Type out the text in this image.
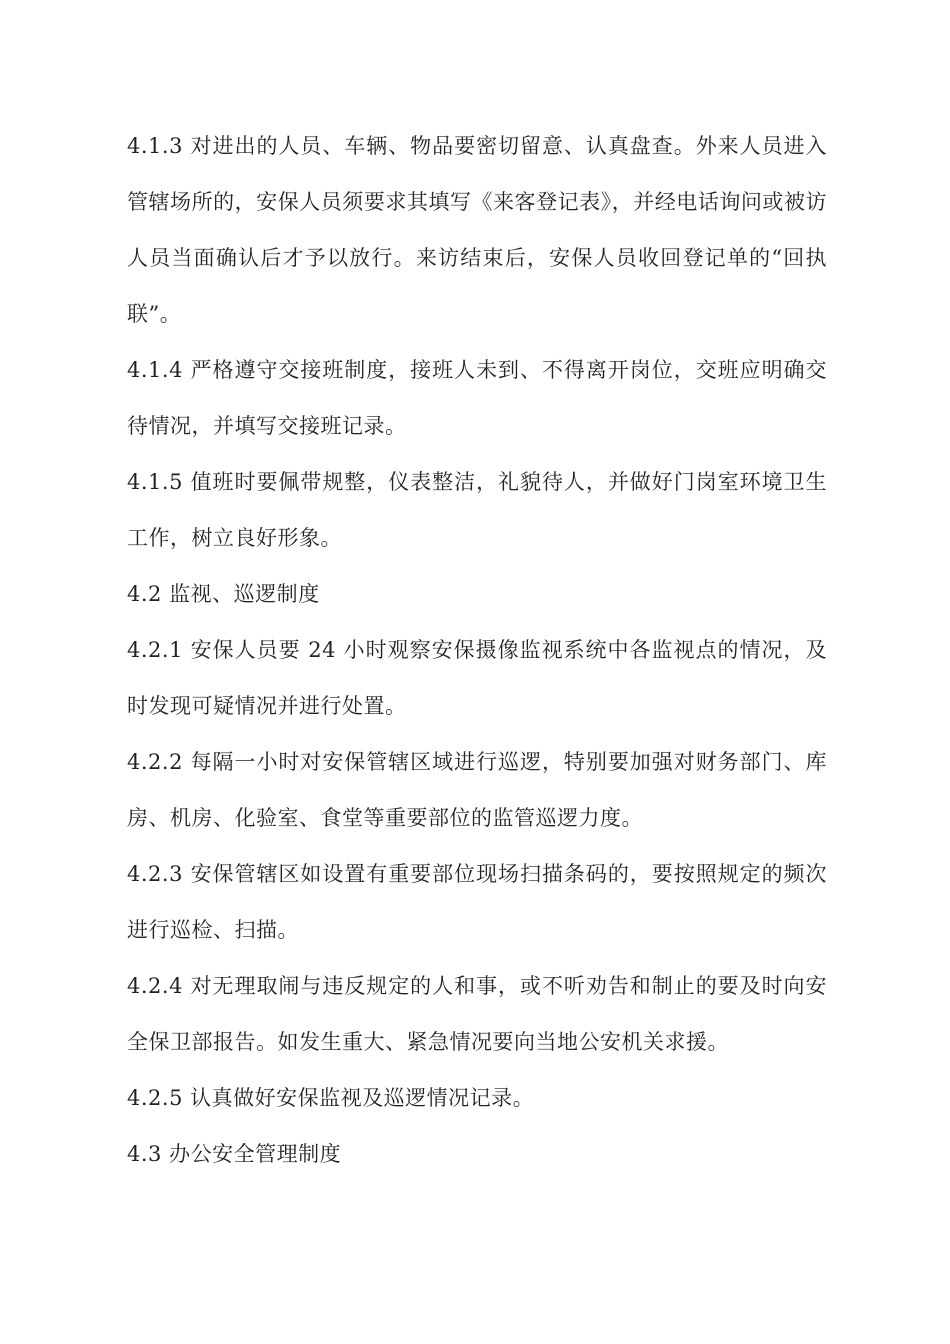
4.1.3 对进出的人员、车辆、物品要密切留意、认真盘查。外来人员进入管辖场所的，安保人员须要求其填写《来客登记表》，并经电话询问或被访人员当面确认后才予以放行。来访结束后，安保人员收回登记单的“回执联”。

4.1.4 严格遵守交接班制度，接班人未到、不得离开岗位，交班应明确交待情况，并填写交接班记录。

4.1.5 值班时要佩带规整，仪表整洁，礼貌待人，并做好门岗室环境卫生工作，树立良好形象。

4.2 监视、巡逻制度

4.2.1 安保人员要 24 小时观察安保摄像监视系统中各监视点的情况，及时发现可疑情况并进行处置。

4.2.2 每隔一小时对安保管辖区域进行巡逻，特别要加强对财务部门、库房、机房、化验室、食堂等重要部位的监管巡逻力度。

4.2.3 安保管辖区如设置有重要部位现场扫描条码的，要按照规定的频次进行巡检、扫描。

4.2.4 对无理取闹与违反规定的人和事，或不听劝告和制止的要及时向安全保卫部报告。如发生重大、紧急情况要向当地公安机关求援。

4.2.5 认真做好安保监视及巡逻情况记录。

4.3 办公安全管理制度
